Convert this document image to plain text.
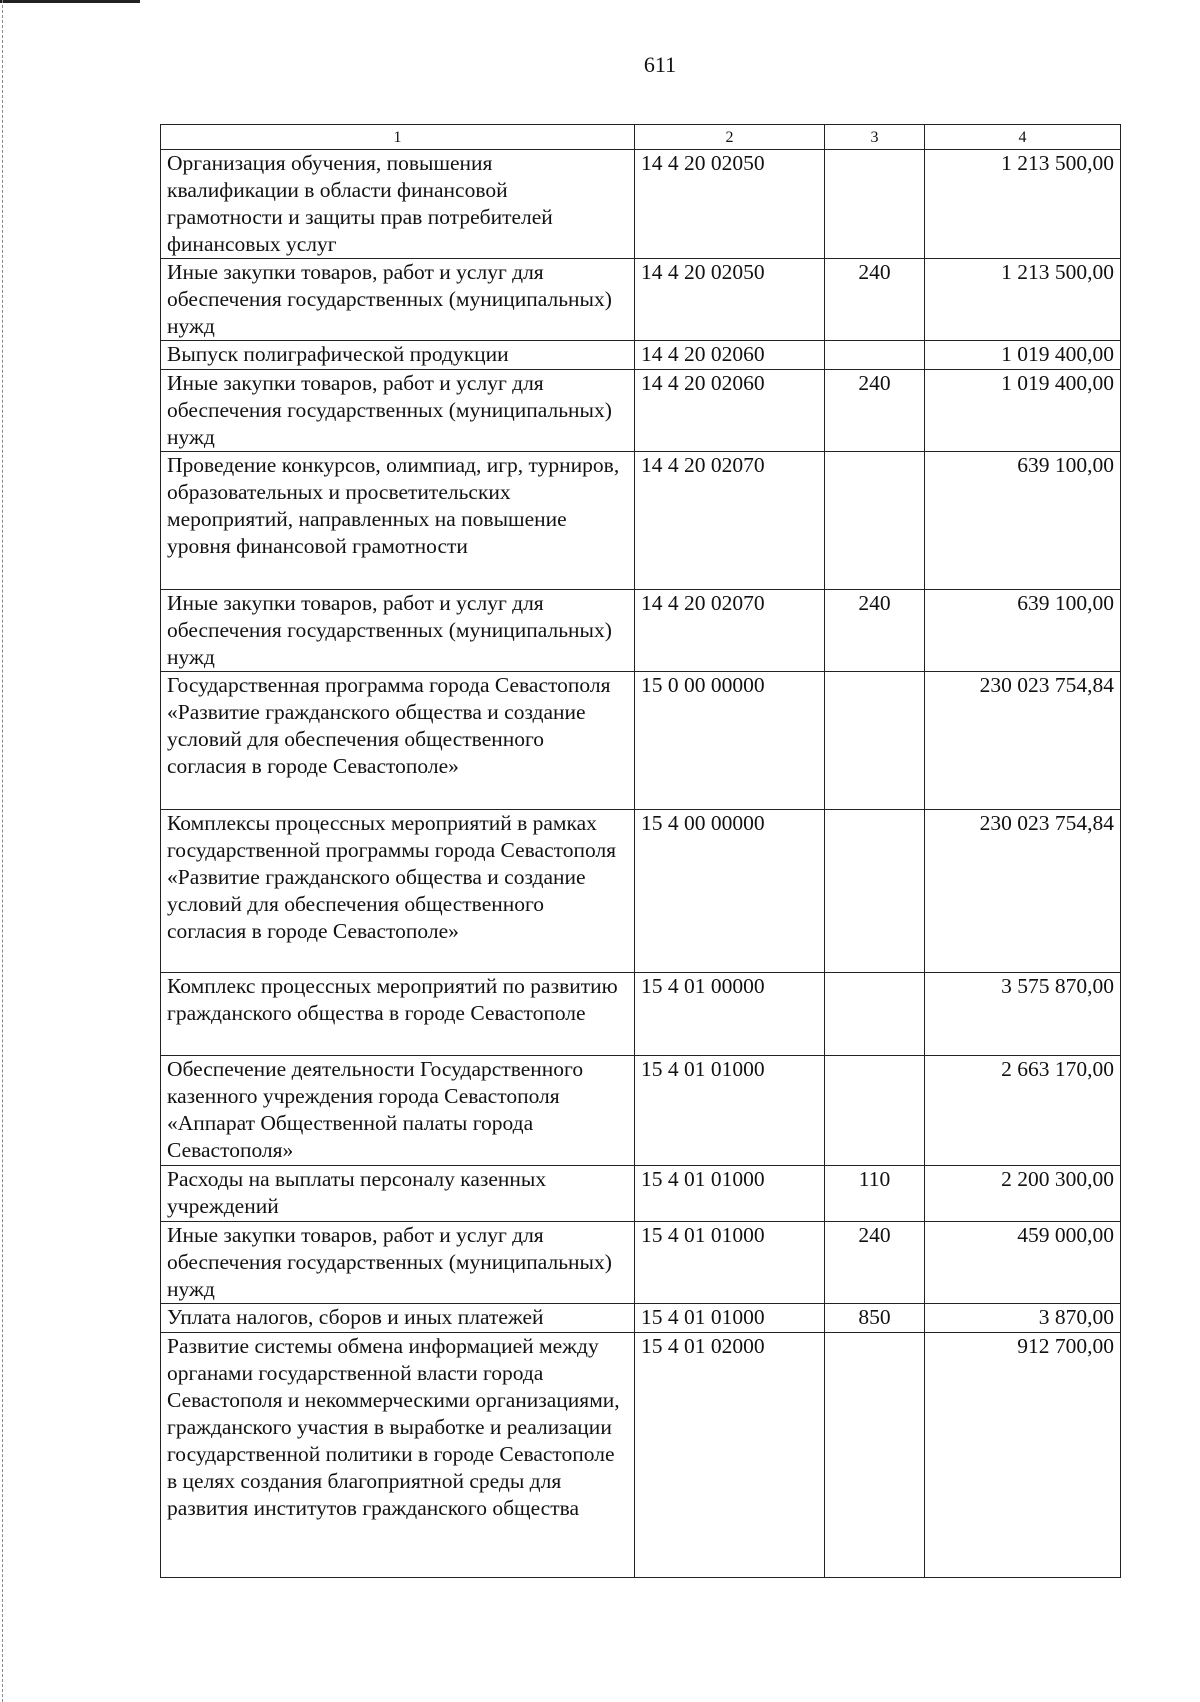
611
1	2	3	4
Организация обучения, повышения квалификации в области финансовой грамотности и защиты прав потребителей финансовых услуг	14 4 20 02050		1 213 500,00
Иные закупки товаров, работ и услуг для обеспечения государственных (муниципальных) нужд	14 4 20 02050	240	1 213 500,00
Выпуск полиграфической продукции	14 4 20 02060		1 019 400,00
Иные закупки товаров, работ и услуг для обеспечения государственных (муниципальных) нужд	14 4 20 02060	240	1 019 400,00
Проведение конкурсов, олимпиад, игр, турниров, образовательных и просветительских мероприятий, направленных на повышение уровня финансовой грамотности	14 4 20 02070		639 100,00
Иные закупки товаров, работ и услуг для обеспечения государственных (муниципальных) нужд	14 4 20 02070	240	639 100,00
Государственная программа города Севастополя «Развитие гражданского общества и создание условий для обеспечения общественного согласия в городе Севастополе»	15 0 00 00000		230 023 754,84
Комплексы процессных мероприятий в рамках государственной программы города Севастополя «Развитие гражданского общества и создание условий для обеспечения общественного согласия в городе Севастополе»	15 4 00 00000		230 023 754,84
Комплекс процессных мероприятий по развитию гражданского общества в городе Севастополе	15 4 01 00000		3 575 870,00
Обеспечение деятельности Государственного казенного учреждения города Севастополя «Аппарат Общественной палаты города Севастополя»	15 4 01 01000		2 663 170,00
Расходы на выплаты персоналу казенных учреждений	15 4 01 01000	110	2 200 300,00
Иные закупки товаров, работ и услуг для обеспечения государственных (муниципальных) нужд	15 4 01 01000	240	459 000,00
Уплата налогов, сборов и иных платежей	15 4 01 01000	850	3 870,00
Развитие системы обмена информацией между органами государственной власти города Севастополя и некоммерческими организациями, гражданского участия в выработке и реализации государственной политики в городе Севастополе в целях создания благоприятной среды для развития институтов гражданского общества	15 4 01 02000		912 700,00
